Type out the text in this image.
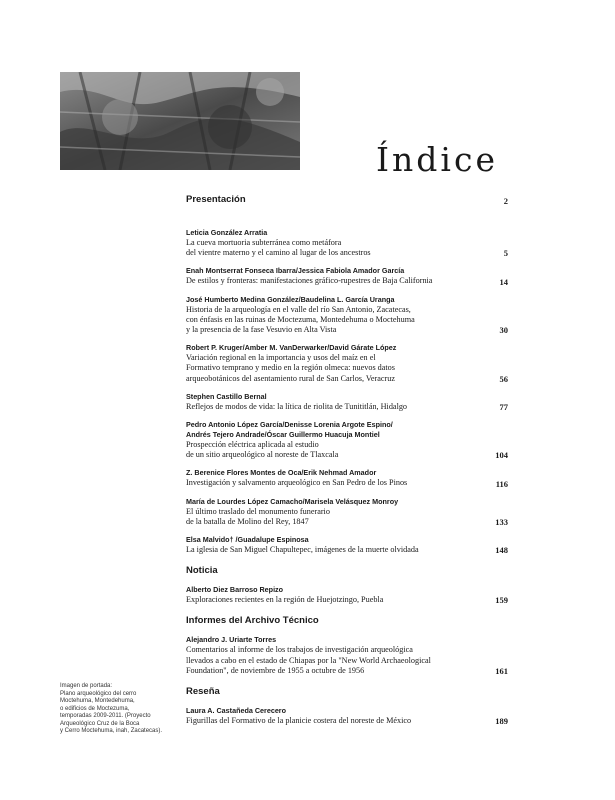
Índice
Presentación	2
Leticia González Arratia
La cueva mortuoria subterránea como metáfora
del vientre materno y el camino al lugar de los ancestros	5
Enah Montserrat Fonseca Ibarra/Jessica Fabiola Amador García
De estilos y fronteras: manifestaciones gráfico-rupestres de Baja California	14
José Humberto Medina González/Baudelina L. García Uranga
Historia de la arqueología en el valle del río San Antonio, Zacatecas,
con énfasis en las ruinas de Moctezuma, Montedehuma o Moctehuma
y la presencia de la fase Vesuvio en Alta Vista	30
Robert P. Kruger/Amber M. VanDerwarker/David Gárate López
Variación regional en la importancia y usos del maíz en el
Formativo temprano y medio en la región olmeca: nuevos datos
arqueobotánicos del asentamiento rural de San Carlos, Veracruz	56
Stephen Castillo Bernal
Reflejos de modos de vida: la lítica de riolita de Tunititlán, Hidalgo	77
Pedro Antonio López García/Denisse Lorenia Argote Espino/
Andrés Tejero Andrade/Óscar Guillermo Huacuja Montiel
Prospección eléctrica aplicada al estudio
de un sitio arqueológico al noreste de Tlaxcala	104
Z. Berenice Flores Montes de Oca/Erik Nehmad Amador
Investigación y salvamento arqueológico en San Pedro de los Pinos	116
María de Lourdes López Camacho/Marisela Velásquez Monroy
El último traslado del monumento funerario
de la batalla de Molino del Rey, 1847	133
Elsa Malvido† /Guadalupe Espinosa
La iglesia de San Miguel Chapultepec, imágenes de la muerte olvidada	148
Noticia
Alberto Diez Barroso Repizo
Exploraciones recientes en la región de Huejotzingo, Puebla	159
Informes del Archivo Técnico
Alejandro J. Uriarte Torres
Comentarios al informe de los trabajos de investigación arqueológica
llevados a cabo en el estado de Chiapas por la "New World Archaeological
Foundation", de noviembre de 1955 a octubre de 1956	161
Reseña
Laura A. Castañeda Cerecero
Figurillas del Formativo de la planicie costera del noreste de México	189
Imagen de portada:
Plano arqueológico del cerro
Moctehuma, Montedehuma,
o edificios de Moctezuma,
temporadas 2009-2011. (Proyecto
Arqueológico Cruz de la Boca
y Cerro Moctehuma, inah, Zacatecas).
